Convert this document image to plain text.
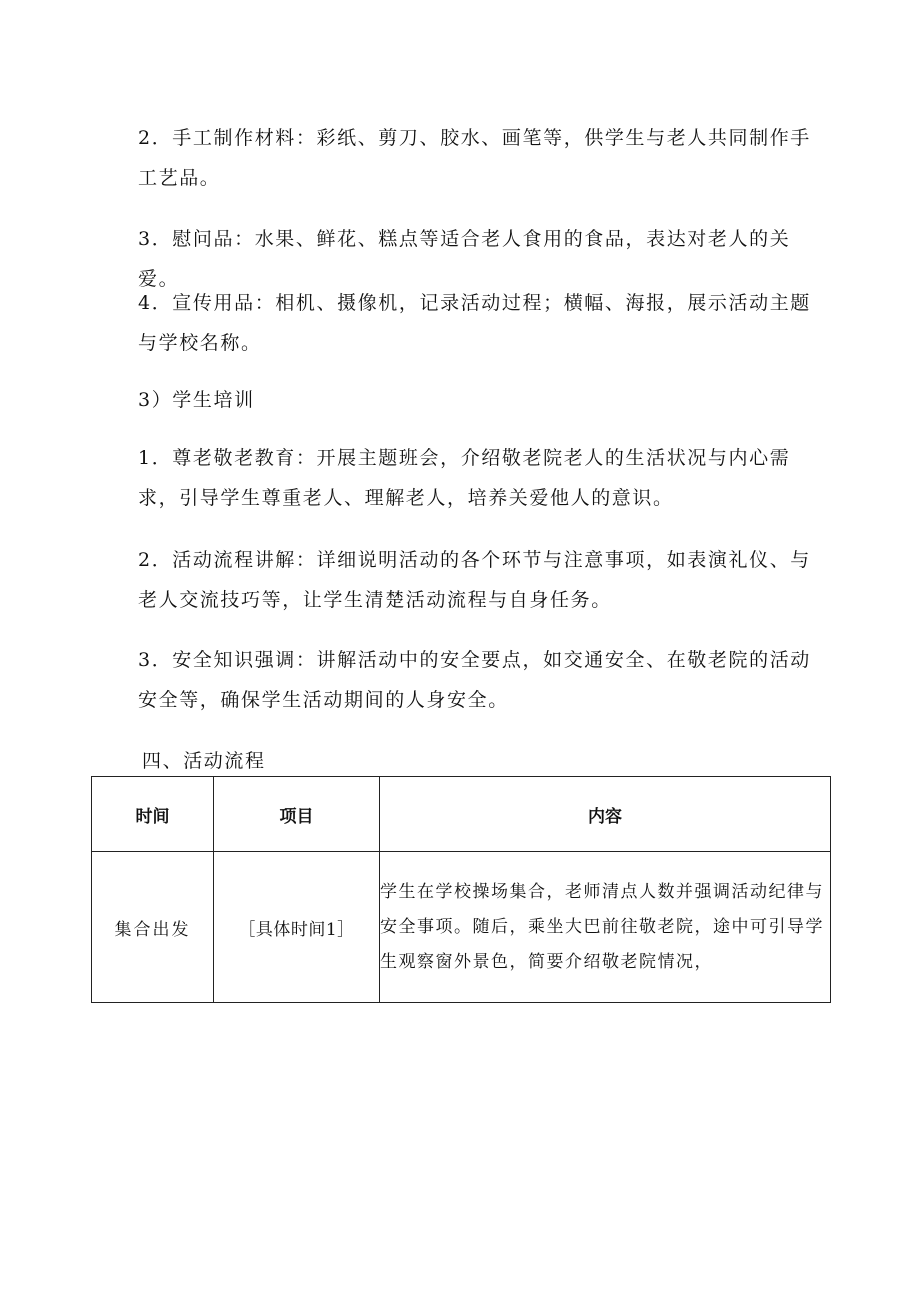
2．手工制作材料：彩纸、剪刀、胶水、画笔等，供学生与老人共同制作手工艺品。

3．慰问品：水果、鲜花、糕点等适合老人食用的食品，表达对老人的关爱。

4．宣传用品：相机、摄像机，记录活动过程；横幅、海报，展示活动主题与学校名称。

3）学生培训

1．尊老敬老教育：开展主题班会，介绍敬老院老人的生活状况与内心需求，引导学生尊重老人、理解老人，培养关爱他人的意识。

2．活动流程讲解：详细说明活动的各个环节与注意事项，如表演礼仪、与老人交流技巧等，让学生清楚活动流程与自身任务。

3．安全知识强调：讲解活动中的安全要点，如交通安全、在敬老院的活动安全等，确保学生活动期间的人身安全。

四、活动流程

时间	项目	内容
集合出发	［具体时间1］	学生在学校操场集合，老师清点人数并强调活动纪律与安全事项。随后，乘坐大巴前往敬老院，途中可引导学生观察窗外景色，简要介绍敬老院情况，
